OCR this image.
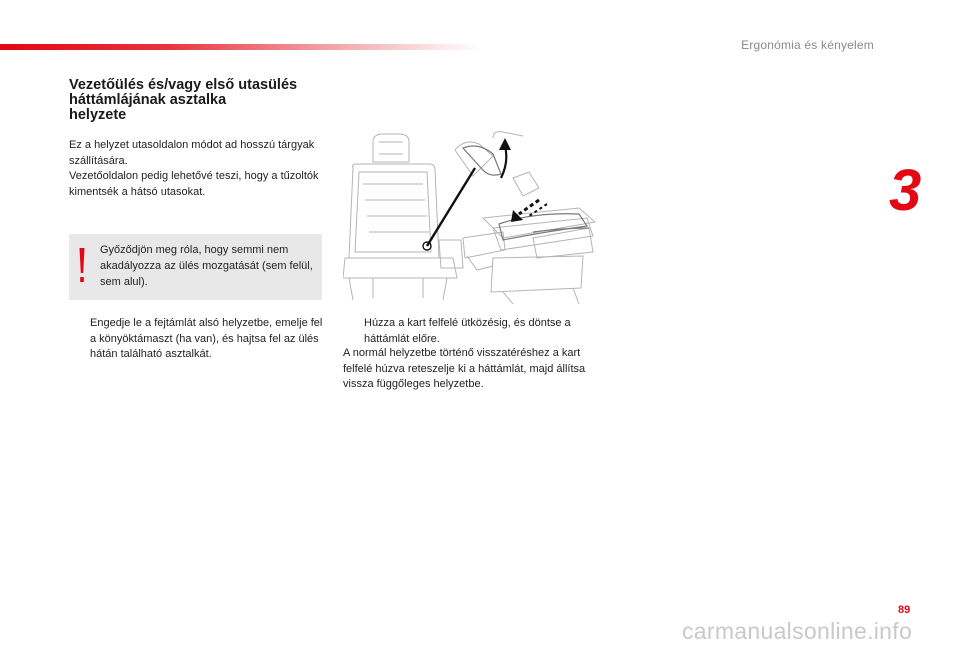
Ergonómia és kényelem
3
Vezetőülés és/vagy első utasülés
háttámlájának asztalka
helyzete

Ez a helyzet utasoldalon módot ad hosszú tárgyak szállítására.

Vezetőoldalon pedig lehetővé teszi, hogy a tűzoltók kimentsék a hátsó utasokat.

Győződjön meg róla, hogy semmi nem akadályozza az ülés mozgatását (sem felül, sem alul).
Engedje le a fejtámlát alsó helyzetbe, emelje fel a könyöktámaszt (ha van), és hajtsa fel az ülés hátán található asztalkát.
Húzza a kart felfelé ütközésig, és döntse a háttámlát előre.
A normál helyzetbe történő visszatéréshez a kart felfelé húzva reteszelje ki a háttámlát, majd állítsa vissza függőleges helyzetbe.
89
carmanualsonline.info
